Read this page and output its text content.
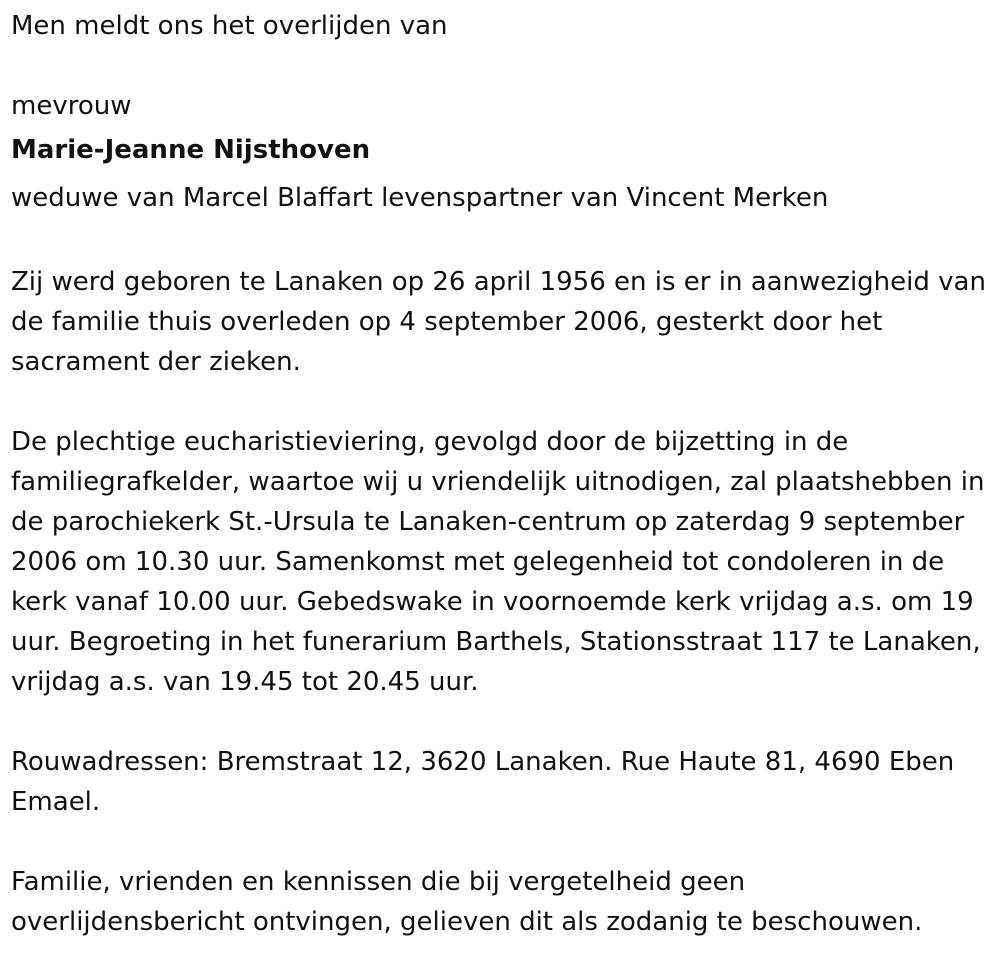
Men meldt ons het overlijden van

mevrouw

Marie-Jeanne Nijsthoven

weduwe van Marcel Blaffart levenspartner van Vincent Merken

Zij werd geboren te Lanaken op 26 april 1956 en is er in aanwezigheid van de familie thuis overleden op 4 september 2006, gesterkt door het sacrament der zieken.

De plechtige eucharistieviering, gevolgd door de bijzetting in de familiegrafkelder, waartoe wij u vriendelijk uitnodigen, zal plaatshebben in de parochiekerk St.-Ursula te Lanaken-centrum op zaterdag 9 september 2006 om 10.30 uur. Samenkomst met gelegenheid tot condoleren in de kerk vanaf 10.00 uur. Gebedswake in voornoemde kerk vrijdag a.s. om 19 uur. Begroeting in het funerarium Barthels, Stationsstraat 117 te Lanaken, vrijdag a.s. van 19.45 tot 20.45 uur.

Rouwadressen: Bremstraat 12, 3620 Lanaken. Rue Haute 81, 4690 Eben Emael.

Familie, vrienden en kennissen die bij vergetelheid geen overlijdensbericht ontvingen, gelieven dit als zodanig te beschouwen.
